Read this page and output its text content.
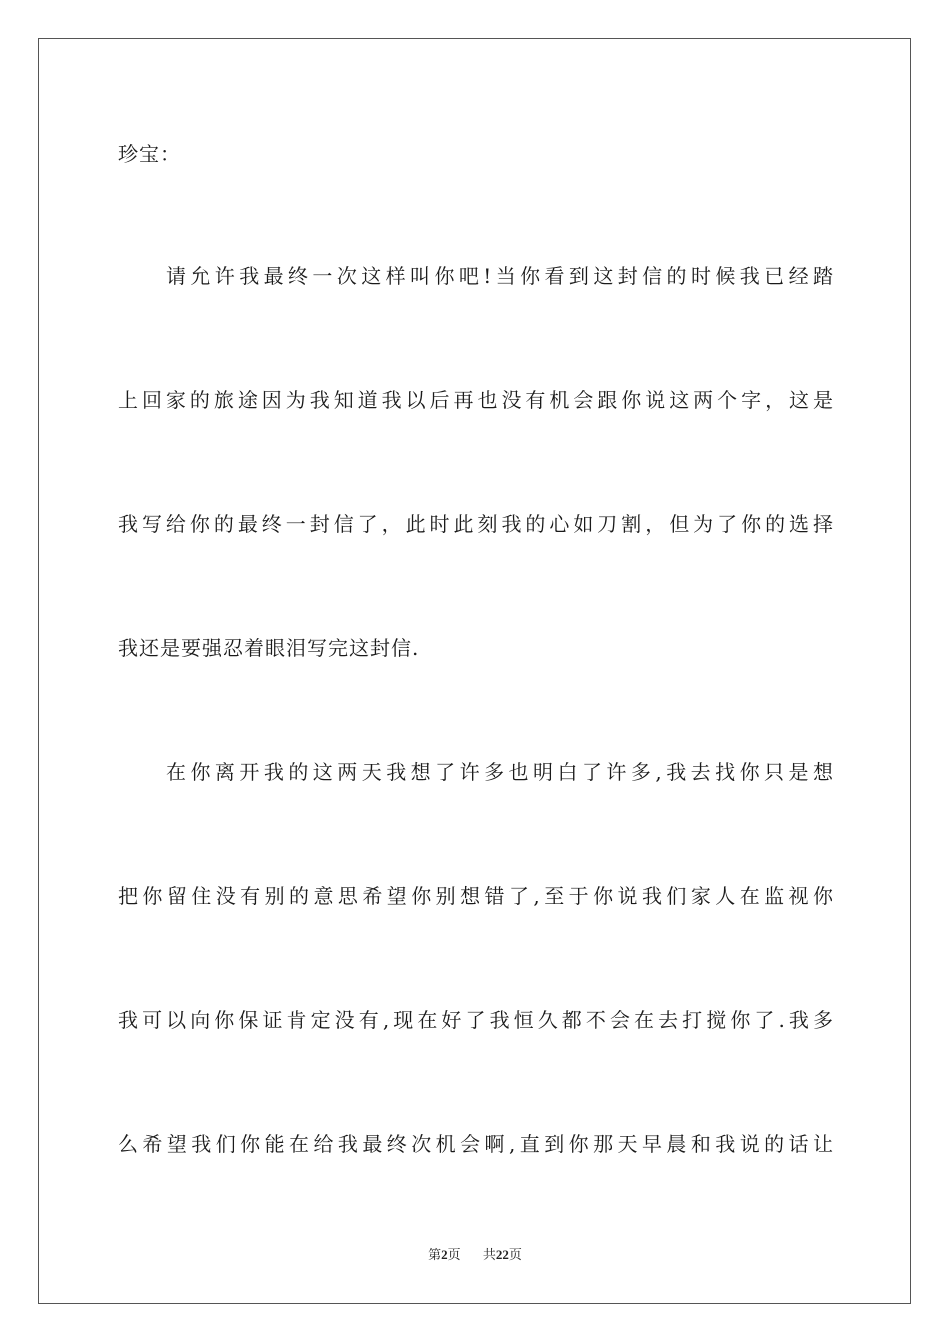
珍宝：
请允许我最终一次这样叫你吧!当你看到这封信的时候我已经踏
上回家的旅途因为我知道我以后再也没有机会跟你说这两个字，这是
我写给你的最终一封信了，此时此刻我的心如刀割，但为了你的选择
我还是要强忍着眼泪写完这封信.
在你离开我的这两天我想了许多也明白了许多,我去找你只是想
把你留住没有别的意思希望你别想错了,至于你说我们家人在监视你
我可以向你保证肯定没有,现在好了我恒久都不会在去打搅你了.我多
么希望我们你能在给我最终次机会啊,直到你那天早晨和我说的话让
第2页 共22页
